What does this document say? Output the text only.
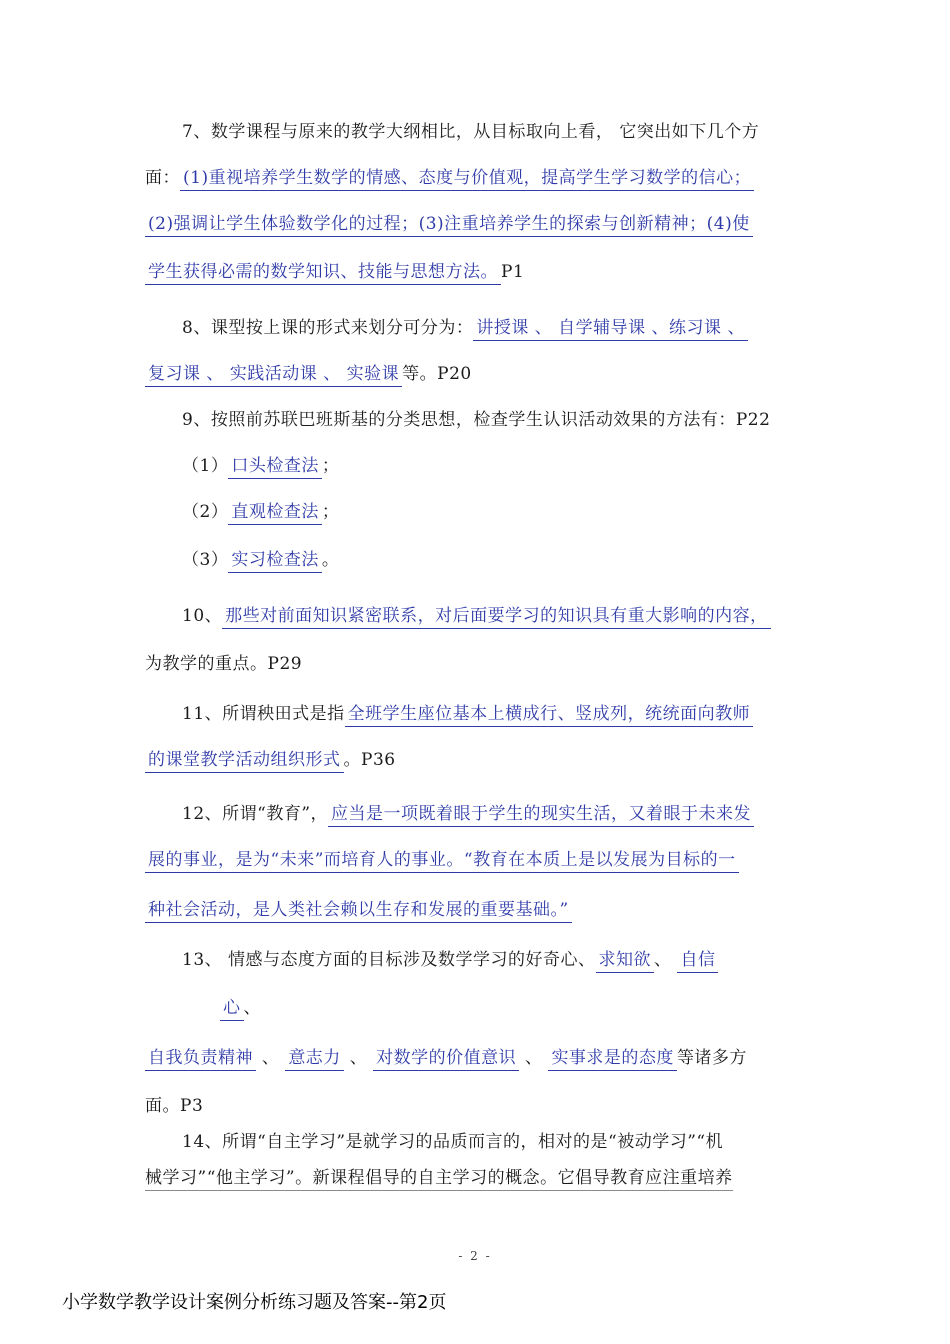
7、数学课程与原来的教学大纲相比，从目标取向上看， 它突出如下几个方
面： (1)重视培养学生数学的情感、态度与价值观，提高学生学习数学的信心；
(2)强调让学生体验数学化的过程；(3)注重培养学生的探索与创新精神；(4)使
学生获得必需的数学知识、技能与思想方法。 P1
8、课型按上课的形式来划分可分为：讲授课 、 自学辅导课 、练习课 、
复习课 、 实践活动课 、 实验课等。P20
9、按照前苏联巴班斯基的分类思想，检查学生认识活动效果的方法有：P22
（1） 口头检查法；
（2） 直观检查法；
（3） 实习检查法。
10、那些对前面知识紧密联系，对后面要学习的知识具有重大影响的内容，
为教学的重点。P29
11、所谓秧田式是指全班学生座位基本上横成行、竖成列，统统面向教师
的课堂教学活动组织形式。P36
12、所谓“教育”，应当是一项既着眼于学生的现实生活，又着眼于未来发
展的事业，是为“未来”而培育人的事业。“教育在本质上是以发展为目标的一
种社会活动，是人类社会赖以生存和发展的重要基础。”
13、 情感与态度方面的目标涉及数学学习的好奇心、 求知欲 、 自信
心、
自我负责精神 、 意志力 、 对数学的价值意识 、 实事求是的态度 等诸多方
面。P3
14、所谓“自主学习”是就学习的品质而言的，相对的是“被动学习”“机
械学习”“他主学习”。新课程倡导的自主学习的概念。它倡导教育应注重培养
- 2 -
小学数学教学设计案例分析练习题及答案--第2页
